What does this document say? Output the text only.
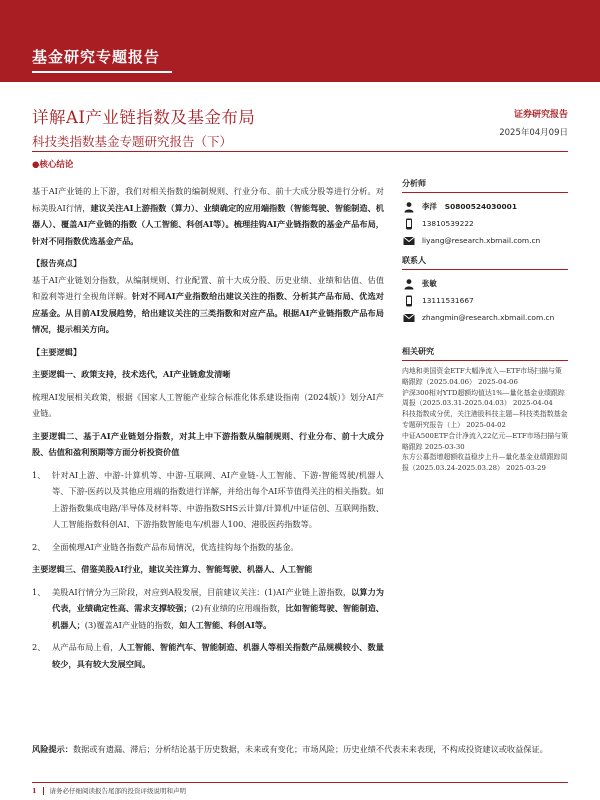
基金研究专题报告
详解AI产业链指数及基金布局
科技类指数基金专题研究报告（下）
证券研究报告
2025年04月09日
●核心结论

基于AI产业链的上下游，我们对相关指数的编制规则、行业分布、前十大成分股等进行分析。对标美股AI行情，建议关注AI上游指数（算力）、业绩确定的应用端指数（智能驾驶、智能制造、机器人）、覆盖AI产业链的指数（人工智能、科创AI等）。梳理挂钩AI产业链指数的基金产品布局，针对不同指数优选基金产品。

【报告亮点】

基于AI产业链划分指数，从编制规则、行业配置、前十大成分股、历史业绩、业绩和估值、估值和盈利等进行全视角详解。针对不同AI产业指数给出建议关注的指数、分析其产品布局、优选对应基金。从目前AI发展趋势，给出建议关注的三类指数和对应产品。根据AI产业链指数产品布局情况，提示相关方向。

【主要逻辑】

主要逻辑一、政策支持，技术迭代，AI产业链愈发清晰

梳理AI发展相关政策，根据《国家人工智能产业综合标准化体系建设指南（2024版）》划分AI产业链。

主要逻辑二、基于AI产业链划分指数，对其上中下游指数从编制规则、行业分布、前十大成分股、估值和盈利预期等方面分析投资价值

1、 针对AI上游、中游-计算机等、中游-互联网、AI产业链-人工智能、下游-智能驾驶/机器人等、下游-医药以及其他应用端的指数进行详解，并给出每个AI环节值得关注的相关指数。如上游指数集成电路/半导体及材料等、中游指数SHS云计算/计算机/中证信创、互联网指数、人工智能指数科创AI、下游指数智能电车/机器人100、港股医药指数等。

2、 全面梳理AI产业链各指数产品布局情况，优选挂钩每个指数的基金。

主要逻辑三、借鉴美股AI行业，建议关注算力、智能驾驶、机器人、人工智能

1、 美股AI行情分为三阶段，对应到A股发展，目前建议关注：(1)AI产业链上游指数，以算力为代表，业绩确定性高、需求支撑较强；(2)有业绩的应用端指数，比如智能驾驶、智能制造、机器人；(3)覆盖AI产业链的指数，如人工智能、科创AI等。

2、 从产品布局上看，人工智能、智能汽车、智能制造、机器人等相关指数产品规模较小、数量较少，具有较大发展空间。

分析师
李洋 S0800524030001
13810539222
liyang@research.xbmail.com.cn
联系人
张敏
13111531667
zhangmin@research.xbmail.com.cn
相关研究
内地和美国资金ETF大幅净流入—ETF市场扫描与策略跟踪（2025.04.06） 2025-04-06
沪深300相对YTD超额均值达1%—量化基金业绩跟踪周报（2025.03.31-2025.04.03） 2025-04-04
科技指数成分优，关注港股科技主题—科技类指数基金专题研究报告（上） 2025-04-02
中证A500ETF合计净流入22亿元—ETF市场扫描与策略跟踪 2025-03-30
东方公募指增超额收益稳步上升—量化基金业绩跟踪周报（2025.03.24-2025.03.28） 2025-03-29
风险提示：数据或有遗漏、滞后；分析结论基于历史数据，未来或有变化；市场风险；历史业绩不代表未来表现，不构成投资建议或收益保证。
1 请务必仔细阅读报告尾部的投资评级说明和声明
